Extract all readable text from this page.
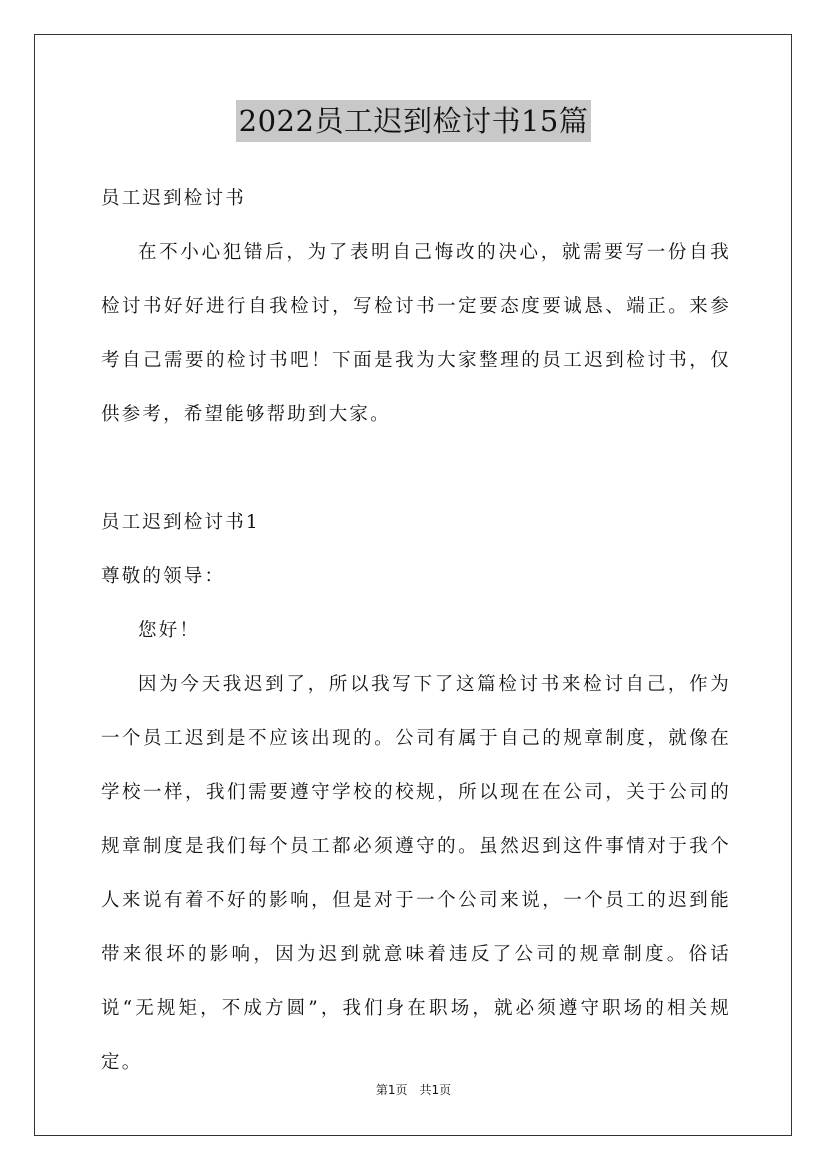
2022员工迟到检讨书15篇

员工迟到检讨书

在不小心犯错后，为了表明自己悔改的决心，就需要写一份自我检讨书好好进行自我检讨，写检讨书一定要态度要诚恳、端正。来参考自己需要的检讨书吧！下面是我为大家整理的员工迟到检讨书，仅供参考，希望能够帮助到大家。

员工迟到检讨书1

尊敬的领导：

您好！

因为今天我迟到了，所以我写下了这篇检讨书来检讨自己，作为一个员工迟到是不应该出现的。公司有属于自己的规章制度，就像在学校一样，我们需要遵守学校的校规，所以现在在公司，关于公司的规章制度是我们每个员工都必须遵守的。虽然迟到这件事情对于我个人来说有着不好的影响，但是对于一个公司来说，一个员工的迟到能带来很坏的影响，因为迟到就意味着违反了公司的规章制度。俗话说“无规矩，不成方圆”，我们身在职场，就必须遵守职场的相关规定。

第1页　共1页
